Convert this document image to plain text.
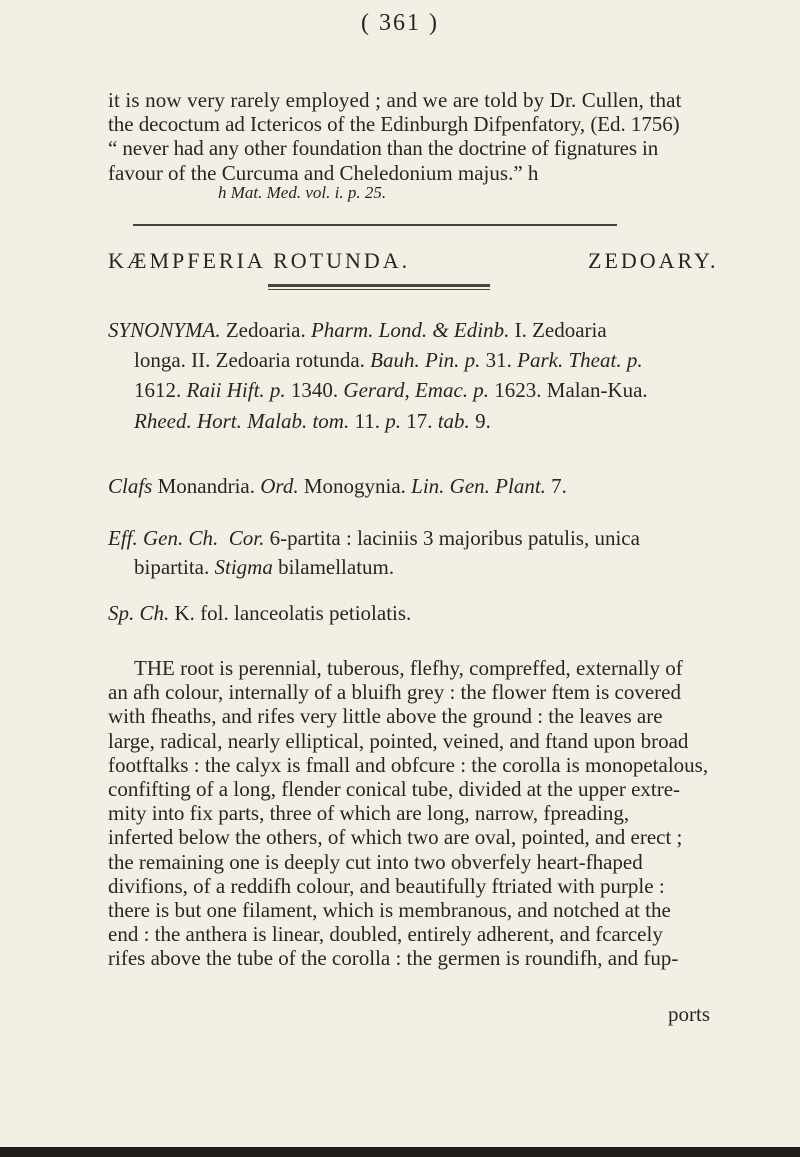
( 361 )
it is now very rarely employed ; and we are told by Dr. Cullen, that
the decoctum ad Ictericos of the Edinburgh Difpenfatory, (Ed. 1756)
“ never had any other foundation than the doctrine of fignatures in
favour of the Curcuma and Cheledonium majus.” h
h Mat. Med. vol. i. p. 25.
KÆMPFERIA ROTUNDA.	ZEDOARY.
SYNONYMA. Zedoaria. Pharm. Lond. & Edinb. I. Zedoaria
longa. II. Zedoaria rotunda. Bauh. Pin. p. 31. Park. Theat. p.
1612. Raii Hift. p. 1340. Gerard, Emac. p. 1623. Malan-Kua.
Rheed. Hort. Malab. tom. 11. p. 17. tab. 9.
Clafs Monandria. Ord. Monogynia. Lin. Gen. Plant. 7.
Eff. Gen. Ch. Cor. 6-partita : laciniis 3 majoribus patulis, unica
bipartita. Stigma bilamellatum.
Sp. Ch. K. fol. lanceolatis petiolatis.
THE root is perennial, tuberous, flefhy, compreffed, externally of
an afh colour, internally of a bluifh grey : the flower ftem is covered
with fheaths, and rifes very little above the ground : the leaves are
large, radical, nearly elliptical, pointed, veined, and ftand upon broad
footftalks : the calyx is fmall and obfcure : the corolla is monopetalous,
confifting of a long, flender conical tube, divided at the upper extre-
mity into fix parts, three of which are long, narrow, fpreading,
inferted below the others, of which two are oval, pointed, and erect ;
the remaining one is deeply cut into two obverfely heart-fhaped
divifions, of a reddifh colour, and beautifully ftriated with purple :
there is but one filament, which is membranous, and notched at the
end : the anthera is linear, doubled, entirely adherent, and fcarcely
rifes above the tube of the corolla : the germen is roundifh, and fup-
ports
